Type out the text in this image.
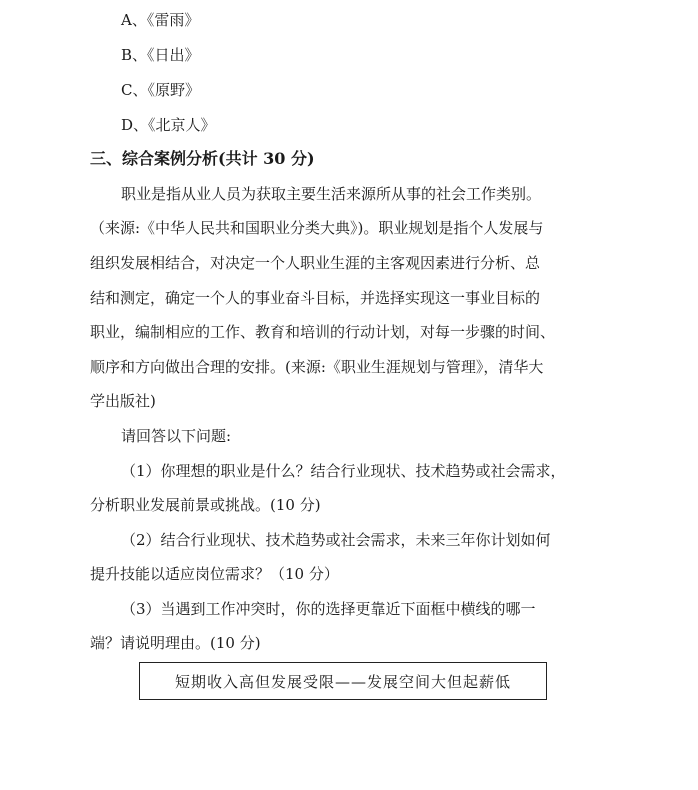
A、《雷雨》
B、《日出》
C、《原野》
D、《北京人》
三、综合案例分析(共计 30 分)
职业是指从业人员为获取主要生活来源所从事的社会工作类别。
（来源:《中华人民共和国职业分类大典》)。职业规划是指个人发展与
组织发展相结合，对决定一个人职业生涯的主客观因素进行分析、总
结和测定，确定一个人的事业奋斗目标，并选择实现这一事业目标的
职业，编制相应的工作、教育和培训的行动计划，对每一步骤的时间、
顺序和方向做出合理的安排。(来源:《职业生涯规划与管理》，清华大
学出版社)
请回答以下问题:
（1）你理想的职业是什么？结合行业现状、技术趋势或社会需求，
分析职业发展前景或挑战。(10 分)
（2）结合行业现状、技术趋势或社会需求，未来三年你计划如何
提升技能以适应岗位需求？（10 分）
（3）当遇到工作冲突时，你的选择更靠近下面框中横线的哪一
端？请说明理由。(10 分)
短期收入高但发展受限——发展空间大但起薪低
